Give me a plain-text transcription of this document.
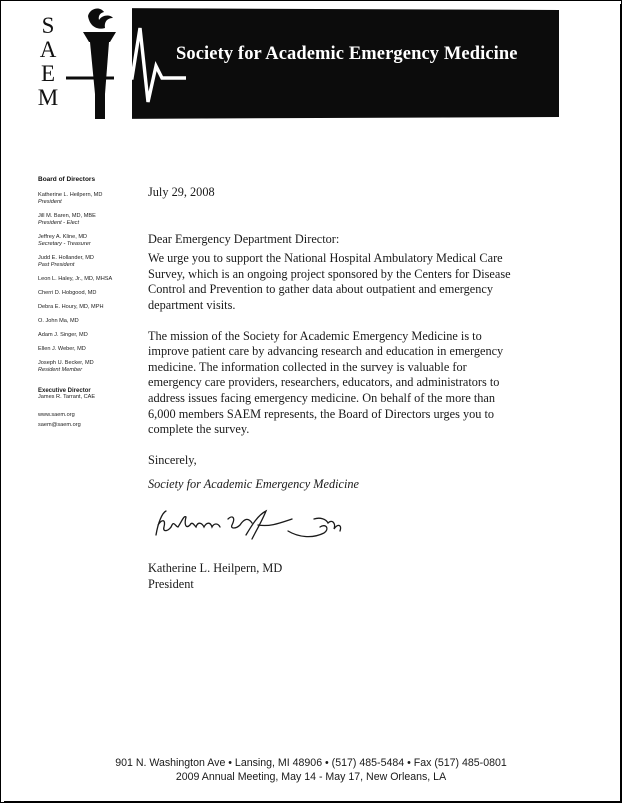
S
A
E
M
Society for Academic Emergency Medicine
Board of Directors
Katherine L. Heilpern, MD
President
Jill M. Baren, MD, MBE
President - Elect
Jeffrey A. Kline, MD
Secretary - Treasurer
Judd E. Hollander, MD
Past President
Leon L. Haley, Jr., MD, MHSA
Cherri D. Hobgood, MD
Debra E. Houry, MD, MPH
O. John Ma, MD
Adam J. Singer, MD
Ellen J. Weber, MD
Joseph U. Becker, MD
Resident Member
Executive Director
James R. Tarrant, CAE
www.saem.org
saem@saem.org

July 29, 2008

Dear Emergency Department Director:

We urge you to support the National Hospital Ambulatory Medical Care Survey, which is an ongoing project sponsored by the Centers for Disease Control and Prevention to gather data about outpatient and emergency department visits.

The mission of the Society for Academic Emergency Medicine is to improve patient care by advancing research and education in emergency medicine. The information collected in the survey is valuable for emergency care providers, researchers, educators, and administrators to address issues facing emergency medicine. On behalf of the more than 6,000 members SAEM represents, the Board of Directors urges you to complete the survey.

Sincerely,

Society for Academic Emergency Medicine

Katherine L. Heilpern, MD
President
901 N. Washington Ave • Lansing, MI 48906 • (517) 485-5484 • Fax (517) 485-0801
2009 Annual Meeting, May 14 - May 17, New Orleans, LA
